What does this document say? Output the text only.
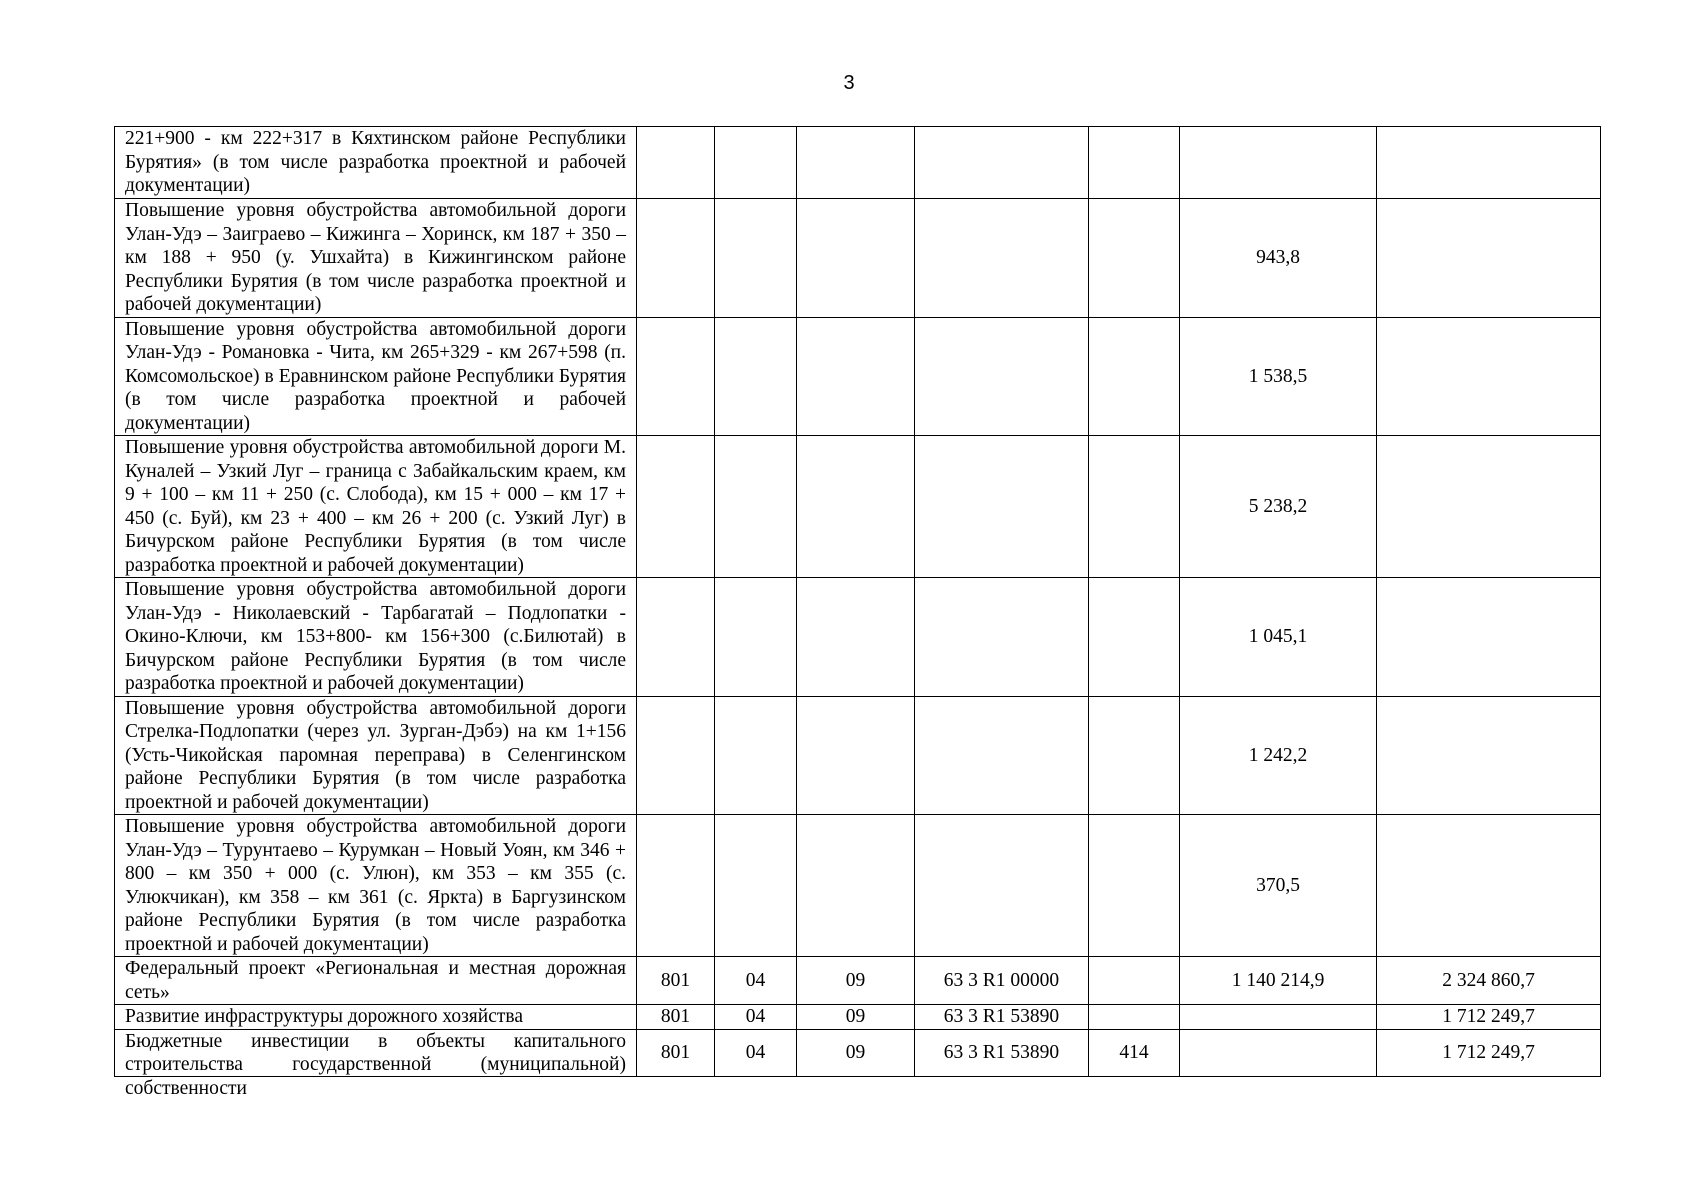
3
221+900 - км 222+317 в Кяхтинском районе Республики Бурятия» (в том числе разработка проектной и рабочей документации)							
Повышение уровня обустройства автомобильной дороги Улан-Удэ – Заиграево – Кижинга – Хоринск, км 187 + 350 – км 188 + 950 (у. Ушхайта) в Кижингинском районе Республики Бурятия (в том числе разработка проектной и рабочей документации)						943,8	
Повышение уровня обустройства автомобильной дороги Улан-Удэ - Романовка - Чита, км 265+329 - км 267+598 (п. Комсомольское) в Еравнинском районе Республики Бурятия (в том числе разработка проектной и рабочей документации)						1 538,5	
Повышение уровня обустройства автомобильной дороги М. Куналей – Узкий Луг – граница с Забайкальским краем, км 9 + 100 – км 11 + 250 (с. Слобода), км 15 + 000 – км 17 + 450 (с. Буй), км 23 + 400 – км 26 + 200 (с. Узкий Луг) в Бичурском районе Республики Бурятия (в том числе разработка проектной и рабочей документации)						5 238,2	
Повышение уровня обустройства автомобильной дороги Улан-Удэ - Николаевский - Тарбагатай – Подлопатки - Окино-Ключи, км 153+800- км 156+300 (с.Билютай) в Бичурском районе Республики Бурятия (в том числе разработка проектной и рабочей документации)						1 045,1	
Повышение уровня обустройства автомобильной дороги Стрелка-Подлопатки (через ул. Зурган-Дэбэ) на км 1+156 (Усть-Чикойская паромная переправа) в Селенгинском районе Республики Бурятия (в том числе разработка проектной и рабочей документации)						1 242,2	
Повышение уровня обустройства автомобильной дороги Улан-Удэ – Турунтаево – Курумкан – Новый Уоян, км 346 + 800 – км 350 + 000 (с. Улюн), км 353 – км 355 (с. Улюкчикан), км 358 – км 361 (с. Яркта) в Баргузинском районе Республики Бурятия (в том числе разработка проектной и рабочей документации)						370,5	
Федеральный проект «Региональная и местная дорожная сеть»	801	04	09	63 3 R1 00000		1 140 214,9	2 324 860,7
Развитие инфраструктуры дорожного хозяйства	801	04	09	63 3 R1 53890			1 712 249,7

Бюджетные инвестиции в объекты капитального строительства государственной (муниципальной) собственности	801	04	09	63 3 R1 53890	414		1 712 249,7
